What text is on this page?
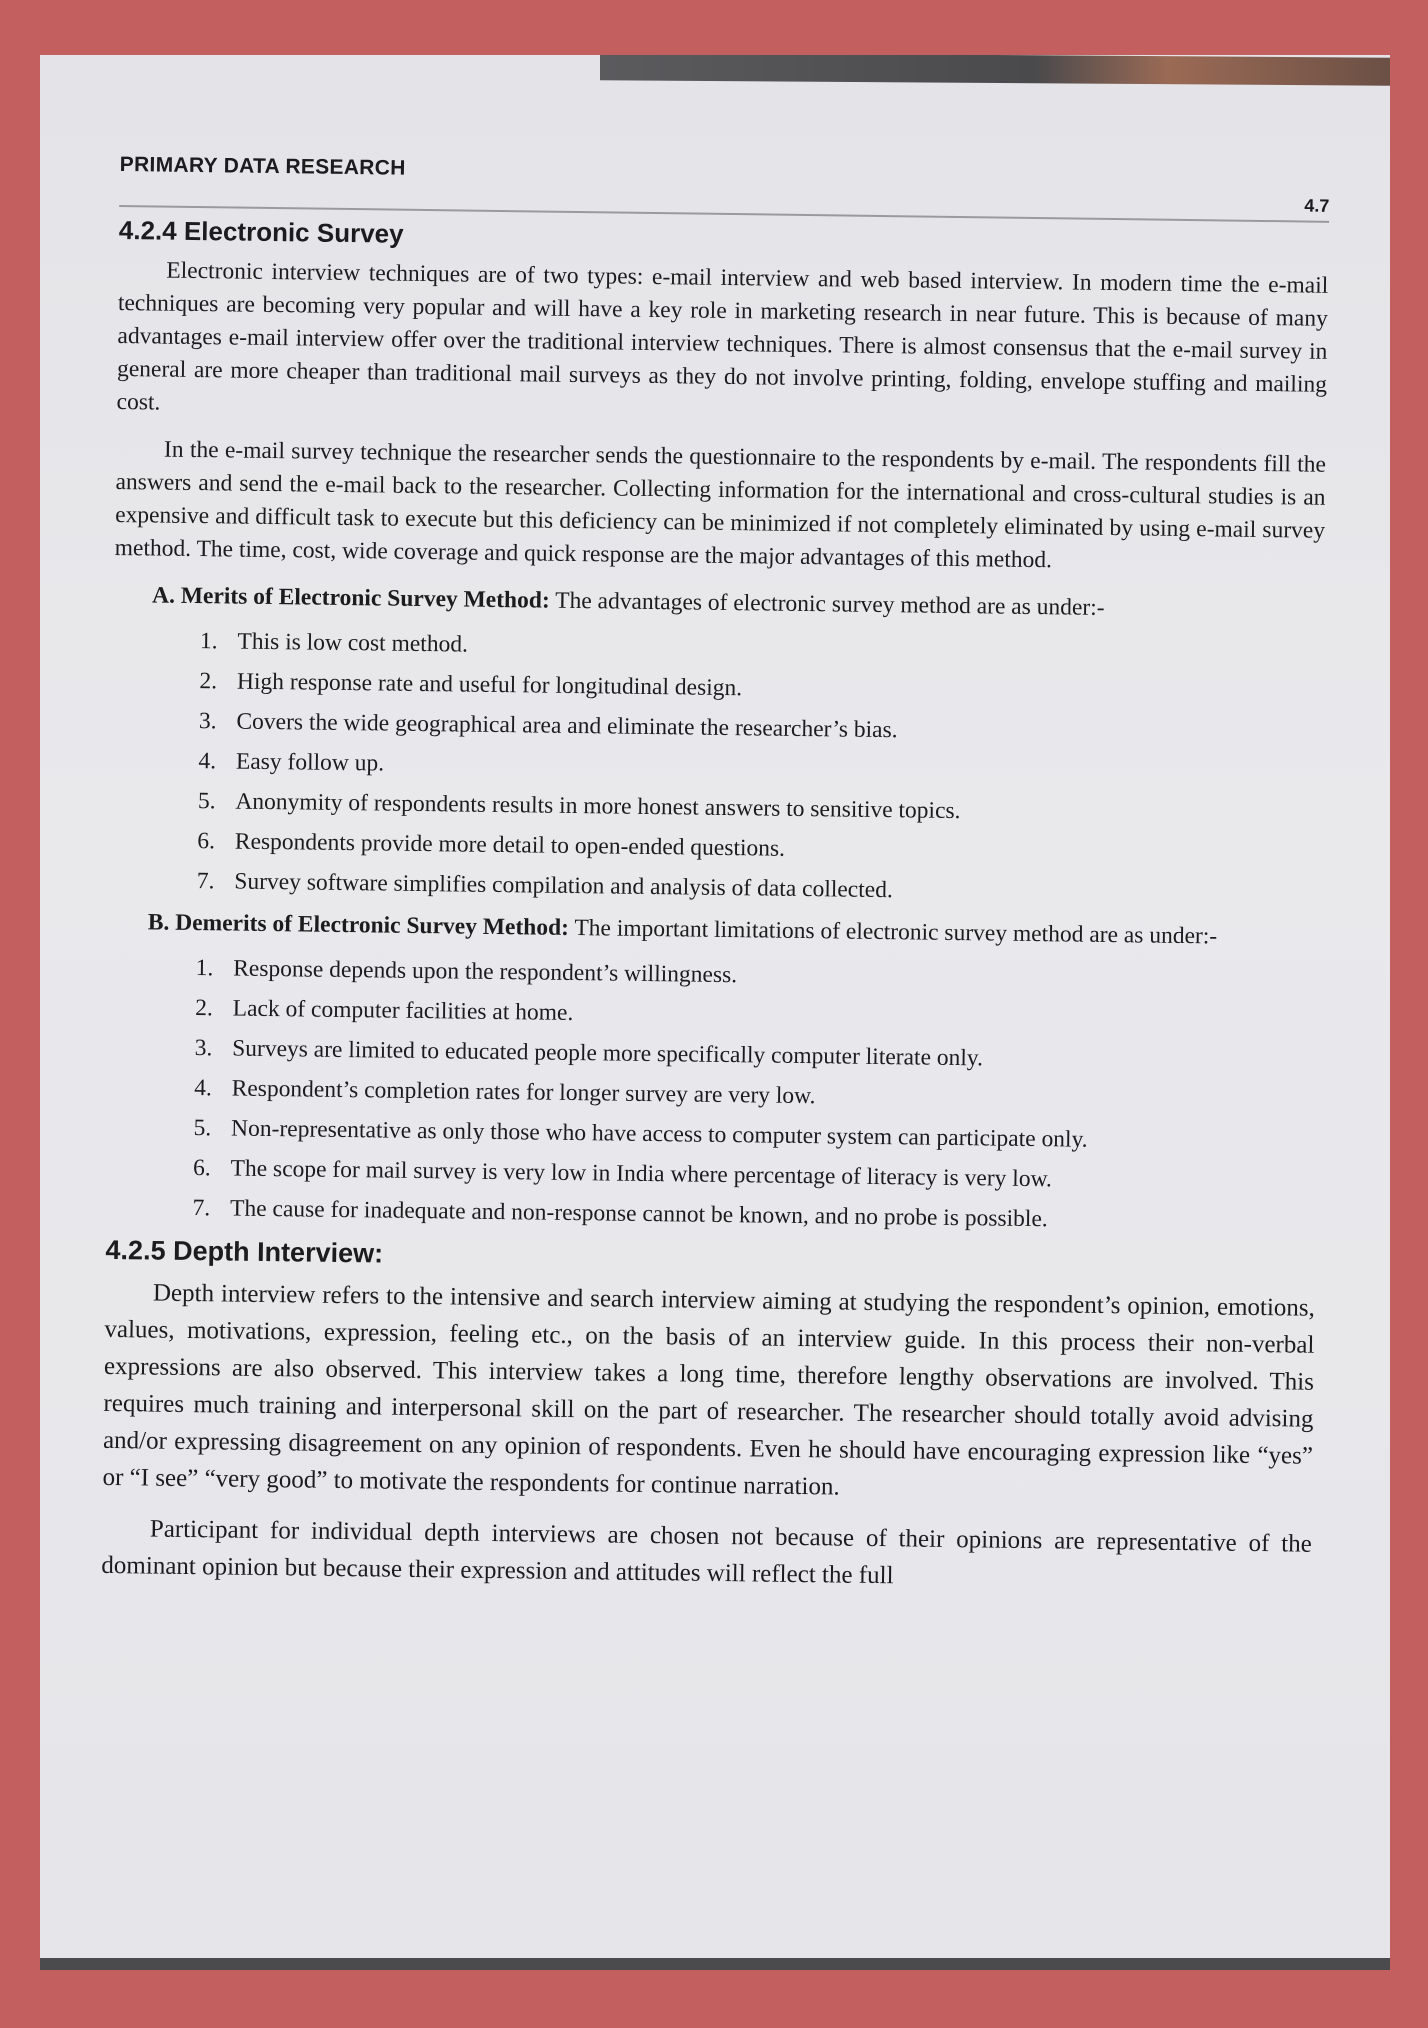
PRIMARY DATA RESEARCH
4.7
4.2.4 Electronic Survey

Electronic interview techniques are of two types: e-mail interview and web based interview. In modern time the e-mail techniques are becoming very popular and will have a key role in marketing research in near future. This is because of many advantages e-mail interview offer over the traditional interview techniques. There is almost consensus that the e-mail survey in general are more cheaper than traditional mail surveys as they do not involve printing, folding, envelope stuffing and mailing cost.

In the e-mail survey technique the researcher sends the questionnaire to the respondents by e-mail. The respondents fill the answers and send the e-mail back to the researcher. Collecting information for the international and cross-cultural studies is an expensive and difficult task to execute but this deficiency can be minimized if not completely eliminated by using e-mail survey method. The time, cost, wide coverage and quick response are the major advantages of this method.

A. Merits of Electronic Survey Method: The advantages of electronic survey method are as under:-

1. This is low cost method.
2. High response rate and useful for longitudinal design.
3. Covers the wide geographical area and eliminate the researcher’s bias.
4. Easy follow up.
5. Anonymity of respondents results in more honest answers to sensitive topics.
6. Respondents provide more detail to open-ended questions.
7. Survey software simplifies compilation and analysis of data collected.

B. Demerits of Electronic Survey Method: The important limitations of electronic survey method are as under:-

1. Response depends upon the respondent’s willingness.
2. Lack of computer facilities at home.
3. Surveys are limited to educated people more specifically computer literate only.
4. Respondent’s completion rates for longer survey are very low.
5. Non-representative as only those who have access to computer system can participate only.
6. The scope for mail survey is very low in India where percentage of literacy is very low.
7. The cause for inadequate and non-response cannot be known, and no probe is possible.
4.2.5 Depth Interview:

Depth interview refers to the intensive and search interview aiming at studying the respondent’s opinion, emotions, values, motivations, expression, feeling etc., on the basis of an interview guide. In this process their non-verbal expressions are also observed. This interview takes a long time, therefore lengthy observations are involved. This requires much training and interpersonal skill on the part of researcher. The researcher should totally avoid advising and/or expressing disagreement on any opinion of respondents. Even he should have encouraging expression like “yes” or “I see” “very good” to motivate the respondents for continue narration.

Participant for individual depth interviews are chosen not because of their opinions are representative of the dominant opinion but because their expression and attitudes will reflect the full
